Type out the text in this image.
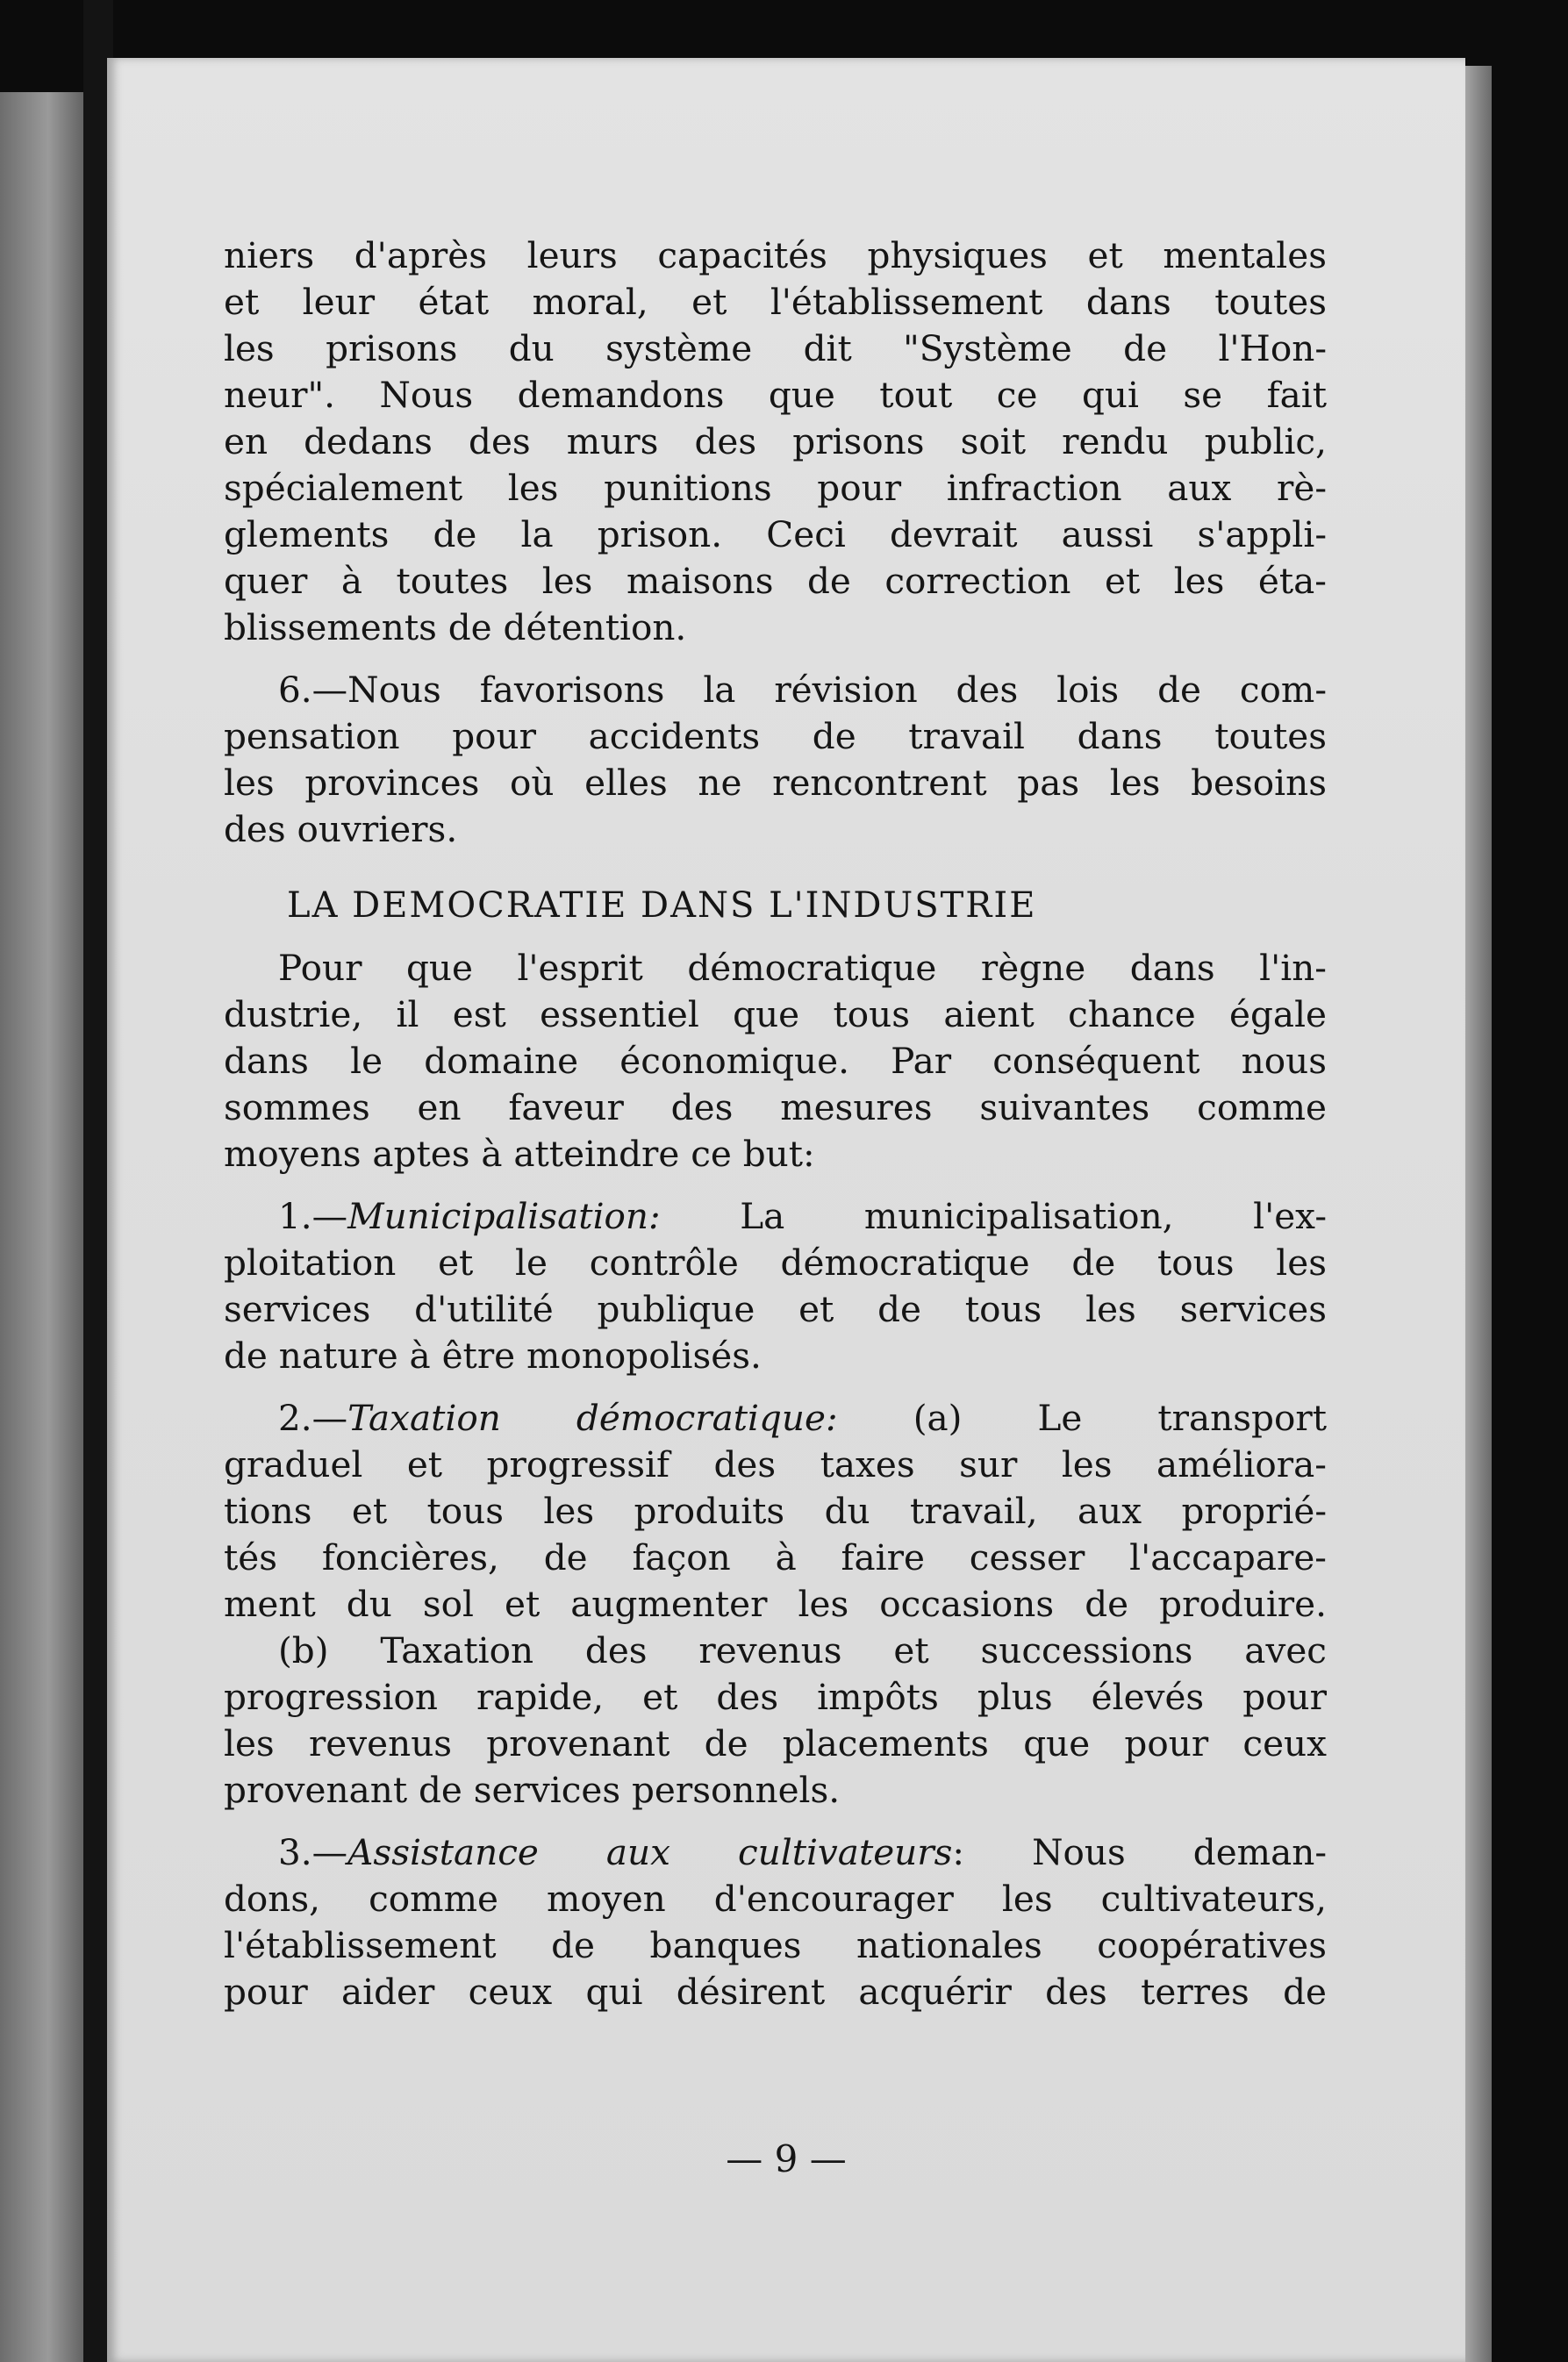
— 9 —
niers d'après leurs capacités physiques et mentales
et leur état moral, et l'établissement dans toutes
les prisons du système dit "Système de l'Hon-
neur". Nous demandons que tout ce qui se fait
en dedans des murs des prisons soit rendu public,
spécialement les punitions pour infraction aux rè-
glements de la prison. Ceci devrait aussi s'appli-
quer à toutes les maisons de correction et les éta-
blissements de détention.
6.—Nous favorisons la révision des lois de com-
pensation pour accidents de travail dans toutes
les provinces où elles ne rencontrent pas les besoins
des ouvriers.
LA DEMOCRATIE DANS L'INDUSTRIE
Pour que l'esprit démocratique règne dans l'in-
dustrie, il est essentiel que tous aient chance égale
dans le domaine économique. Par conséquent nous
sommes en faveur des mesures suivantes comme
moyens aptes à atteindre ce but:
1.—Municipalisation: La municipalisation, l'ex-
ploitation et le contrôle démocratique de tous les
services d'utilité publique et de tous les services
de nature à être monopolisés.
2.—Taxation démocratique: (a) Le transport
graduel et progressif des taxes sur les améliora-
tions et tous les produits du travail, aux proprié-
tés foncières, de façon à faire cesser l'accapare-
ment du sol et augmenter les occasions de produire.
(b) Taxation des revenus et successions avec
progression rapide, et des impôts plus élevés pour
les revenus provenant de placements que pour ceux
provenant de services personnels.
3.—Assistance aux cultivateurs: Nous deman-
dons, comme moyen d'encourager les cultivateurs,
l'établissement de banques nationales coopératives
pour aider ceux qui désirent acquérir des terres de
